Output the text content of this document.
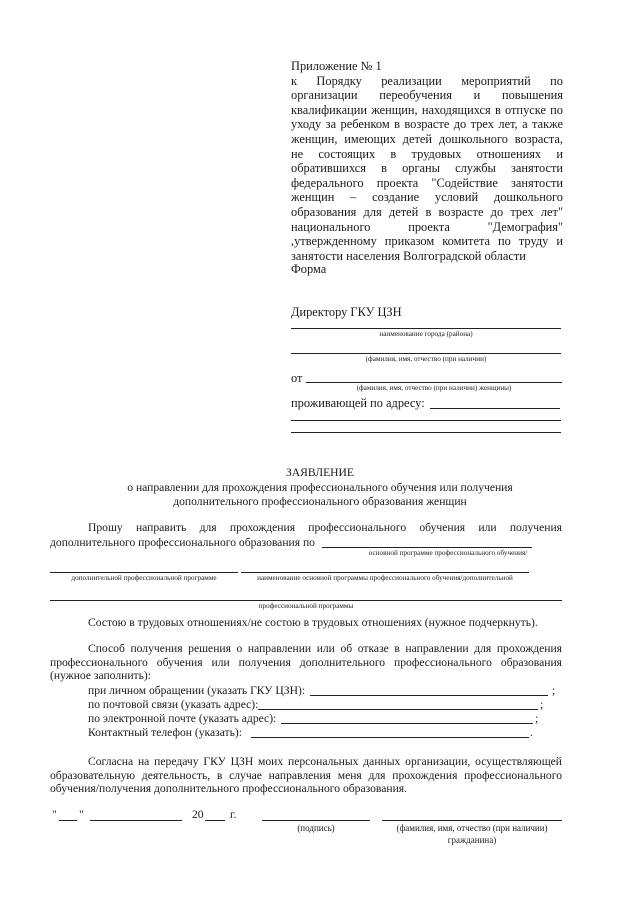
Приложение № 1
к Порядку реализации мероприятий по организации переобучения и повышения квалификации женщин, находящихся в отпуске по уходу за ребенком в возрасте до трех лет, а также женщин, имеющих детей дошкольного возраста, не состоящих в трудовых отношениях и обратившихся в органы службы занятости федерального проекта "Содействие занятости женщин – создание условий дошкольного образования для детей в возрасте до трех лет" национального проекта "Демография" ,утвержденному приказом комитета по труду и занятости населения Волгоградской области
Форма
Директору ГКУ ЦЗН
наименование города (района)
(фамилия, имя, отчество (при наличии)
от
(фамилия, имя, отчество (при наличии) женщины)
проживающей по адресу:
ЗАЯВЛЕНИЕ
о направлении для прохождения профессионального обучения или получения
дополнительного профессионального образования женщин
Прошу направить для прохождения профессионального обучения или получения
дополнительного профессионального образования по
основной программе профессионального обучения/
дополнительной профессиональной программе	наименование основной программы профессионального обучения/дополнительной
профессиональной программы
Состою в трудовых отношениях/не состою в трудовых отношениях (нужное подчеркнуть).
Способ получения решения о направлении или об отказе в направлении для прохождения профессионального обучения или получения дополнительного профессионального образования (нужное заполнить):
при личном обращении (указать ГКУ ЦЗН):	;
по почтовой связи (указать адрес):	;
по электронной почте (указать адрес):	;
Контактный телефон (указать):	.
Согласна на передачу ГКУ ЦЗН моих персональных данных организации, осуществляющей образовательную деятельность, в случае направления меня для прохождения профессионального обучения/получения дополнительного профессионального образования.
" "	20 г.
(подпись)	(фамилия, имя, отчество (при наличии)
гражданина)
